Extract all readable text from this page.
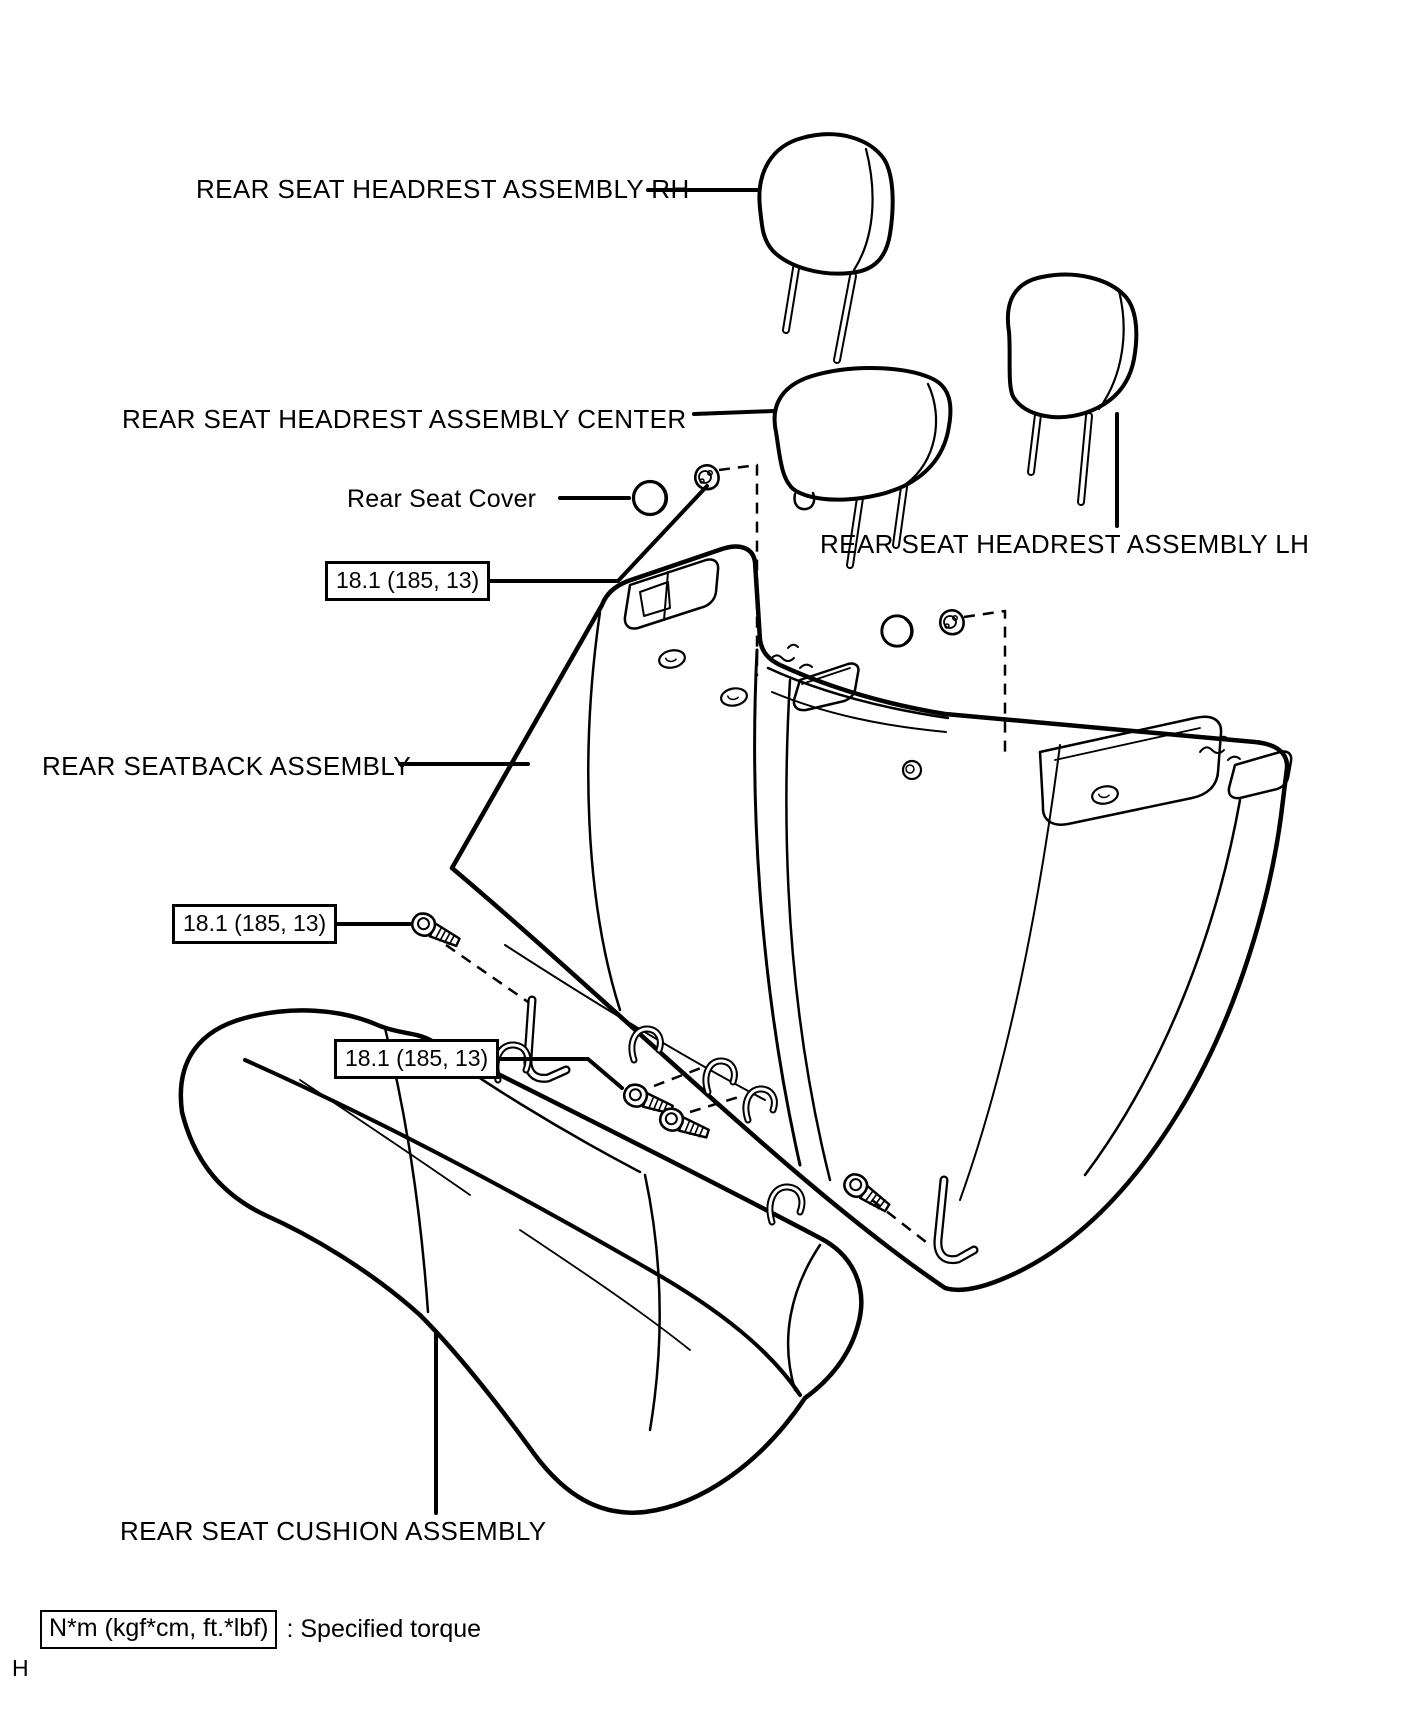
REAR SEAT HEADREST ASSEMBLY RH
REAR SEAT HEADREST ASSEMBLY CENTER
Rear Seat Cover
REAR SEAT HEADREST ASSEMBLY LH
REAR SEATBACK ASSEMBLY
REAR SEAT CUSHION ASSEMBLY
18.1 (185, 13)
18.1 (185, 13)
18.1 (185, 13)
N*m (kgf*cm, ft.*lbf) : Specified torque
H
